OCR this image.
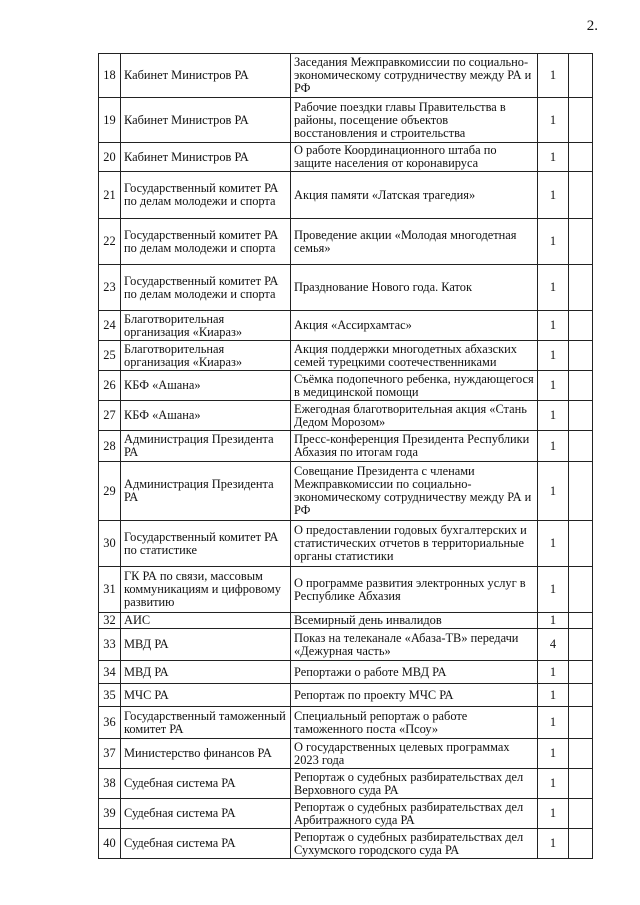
2.
18	Кабинет Министров РА	Заседания Межправкомиссии по социально-экономическому сотрудничеству между РА и РФ	1	
19	Кабинет Министров РА	Рабочие поездки главы Правительства в районы, посещение объектов восстановления и строительства	1	
20	Кабинет Министров РА	О работе Координационного штаба по защите населения от коронавируса	1	
21	Государственный комитет РА по делам молодежи и спорта	Акция памяти «Латская трагедия»	1	
22	Государственный комитет РА по делам молодежи и спорта	Проведение акции «Молодая многодетная семья»	1	
23	Государственный комитет РА по делам молодежи и спорта	Празднование Нового года. Каток	1	
24	Благотворительная организация «Киараз»	Акция «Ассирхамтас»	1	
25	Благотворительная организация «Киараз»	Акция поддержки многодетных абхазских семей турецкими соотечественниками	1	
26	КБФ «Ашана»	Съёмка подопечного ребенка, нуждающегося в медицинской помощи	1	
27	КБФ «Ашана»	Ежегодная благотворительная акция «Стань Дедом Морозом»	1	
28	Администрация Президента РА	Пресс-конференция Президента Республики Абхазия по итогам года	1	
29	Администрация Президента РА	Совещание Президента с членами Межправкомиссии по социально-экономическому сотрудничеству между РА и РФ	1	
30	Государственный комитет РА по статистике	О предоставлении годовых бухгалтерских и статистических отчетов в территориальные органы статистики	1	
31	ГК РА по связи, массовым коммуникациям и цифровому развитию	О программе развития электронных услуг в Республике Абхазия	1	
32	АИС	Всемирный день инвалидов	1	
33	МВД РА	Показ на телеканале «Абаза-ТВ» передачи «Дежурная часть»	4	
34	МВД РА	Репортажи о работе МВД РА	1	
35	МЧС РА	Репортаж по проекту МЧС РА	1	
36	Государственный таможенный комитет РА	Специальный репортаж о работе таможенного поста «Псоу»	1	
37	Министерство финансов РА	О государственных целевых программах 2023 года	1	
38	Судебная система РА	Репортаж о судебных разбирательствах дел Верховного суда РА	1	
39	Судебная система РА	Репортаж о судебных разбирательствах дел Арбитражного суда РА	1	
40	Судебная система РА	Репортаж о судебных разбирательствах дел Сухумского городского суда РА	1	
